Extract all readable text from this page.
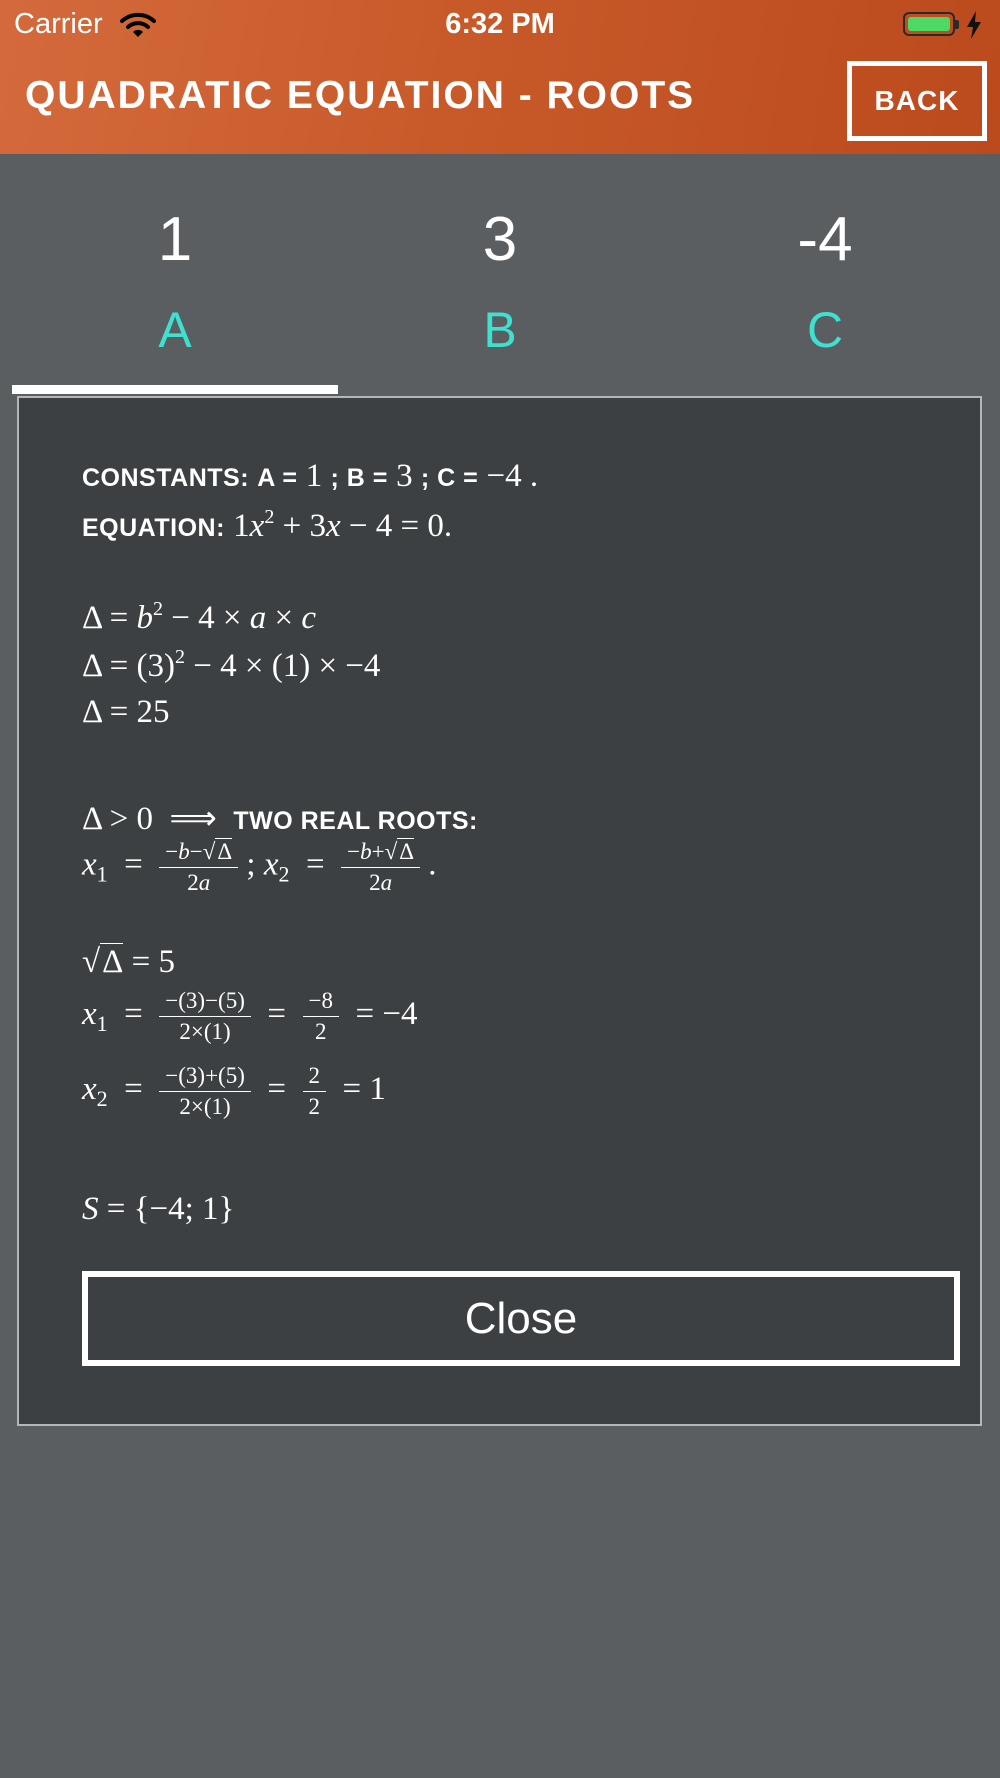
Carrier	6:32 PM
QUADRATIC EQUATION - ROOTS	BACK
1
A
3
B
-4
C
CONSTANTS: A = 1 ; B = 3 ; C = −4 .
EQUATION: $1x^2 + 3x - 4 = 0$.
$\Delta = b^2 - 4 \times a \times c$
$\Delta = (3)^2 - 4 \times (1) \times -4$
Δ = 25
Δ > 0  ⟹  TWO REAL ROOTS:
$x_1 = \frac{-b-√\Delta}{2a}$ ; $x_2 = \frac{-b+√\Delta}{2a}$ .
√Δ = 5
$x_1 = \frac{-(3)-(5)}{2\times(1)} = \frac{-8}{2} = -4$
$x_2 = \frac{-(3)+(5)}{2\times(1)} = \frac{2}{2} = 1$
S = {−4; 1}
Close
